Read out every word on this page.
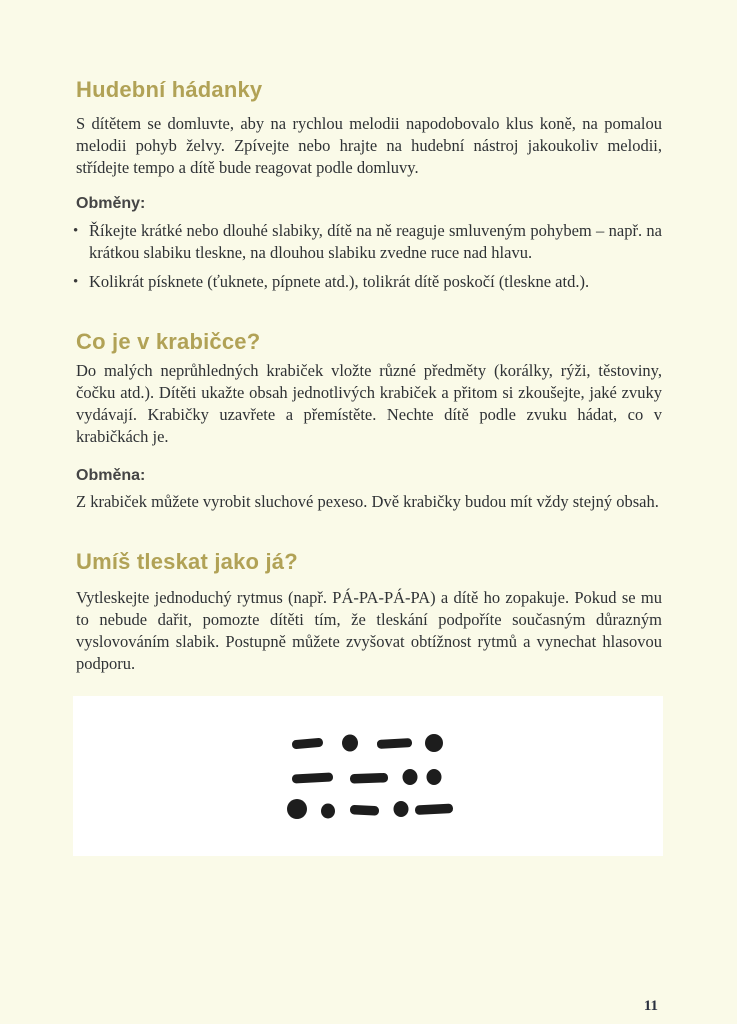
Hudební hádanky

S dítětem se domluvte, aby na rychlou melodii napodobovalo klus koně, na pomalou melodii pohyb želvy. Zpívejte nebo hrajte na hudební nástroj jakoukoliv melodii, střídejte tempo a dítě bude reagovat podle domluvy.

Obměny:
• Říkejte krátké nebo dlouhé slabiky, dítě na ně reaguje smluveným pohybem – např. na krátkou slabiku tleskne, na dlouhou slabiku zvedne ruce nad hlavu.
• Kolikrát písknete (ťuknete, pípnete atd.), tolikrát dítě poskočí (tleskne atd.).
Co je v krabičce?

Do malých neprůhledných krabiček vložte různé předměty (korálky, rýži, těstoviny, čočku atd.). Dítěti ukažte obsah jednotlivých krabiček a přitom si zkoušejte, jaké zvuky vydávají. Krabičky uzavřete a přemístěte. Nechte dítě podle zvuku hádat, co v krabičkách je.

Obměna:

Z krabiček můžete vyrobit sluchové pexeso. Dvě krabičky budou mít vždy stejný obsah.

Umíš tleskat jako já?

Vytleskejte jednoduchý rytmus (např. PÁ-PA-PÁ-PA) a dítě ho zopakuje. Pokud se mu to nebude dařit, pomozte dítěti tím, že tleskání podpoříte současným důrazným vyslovováním slabik. Postupně můžete zvyšovat obtížnost rytmů a vynechat hlasovou podporu.

11
